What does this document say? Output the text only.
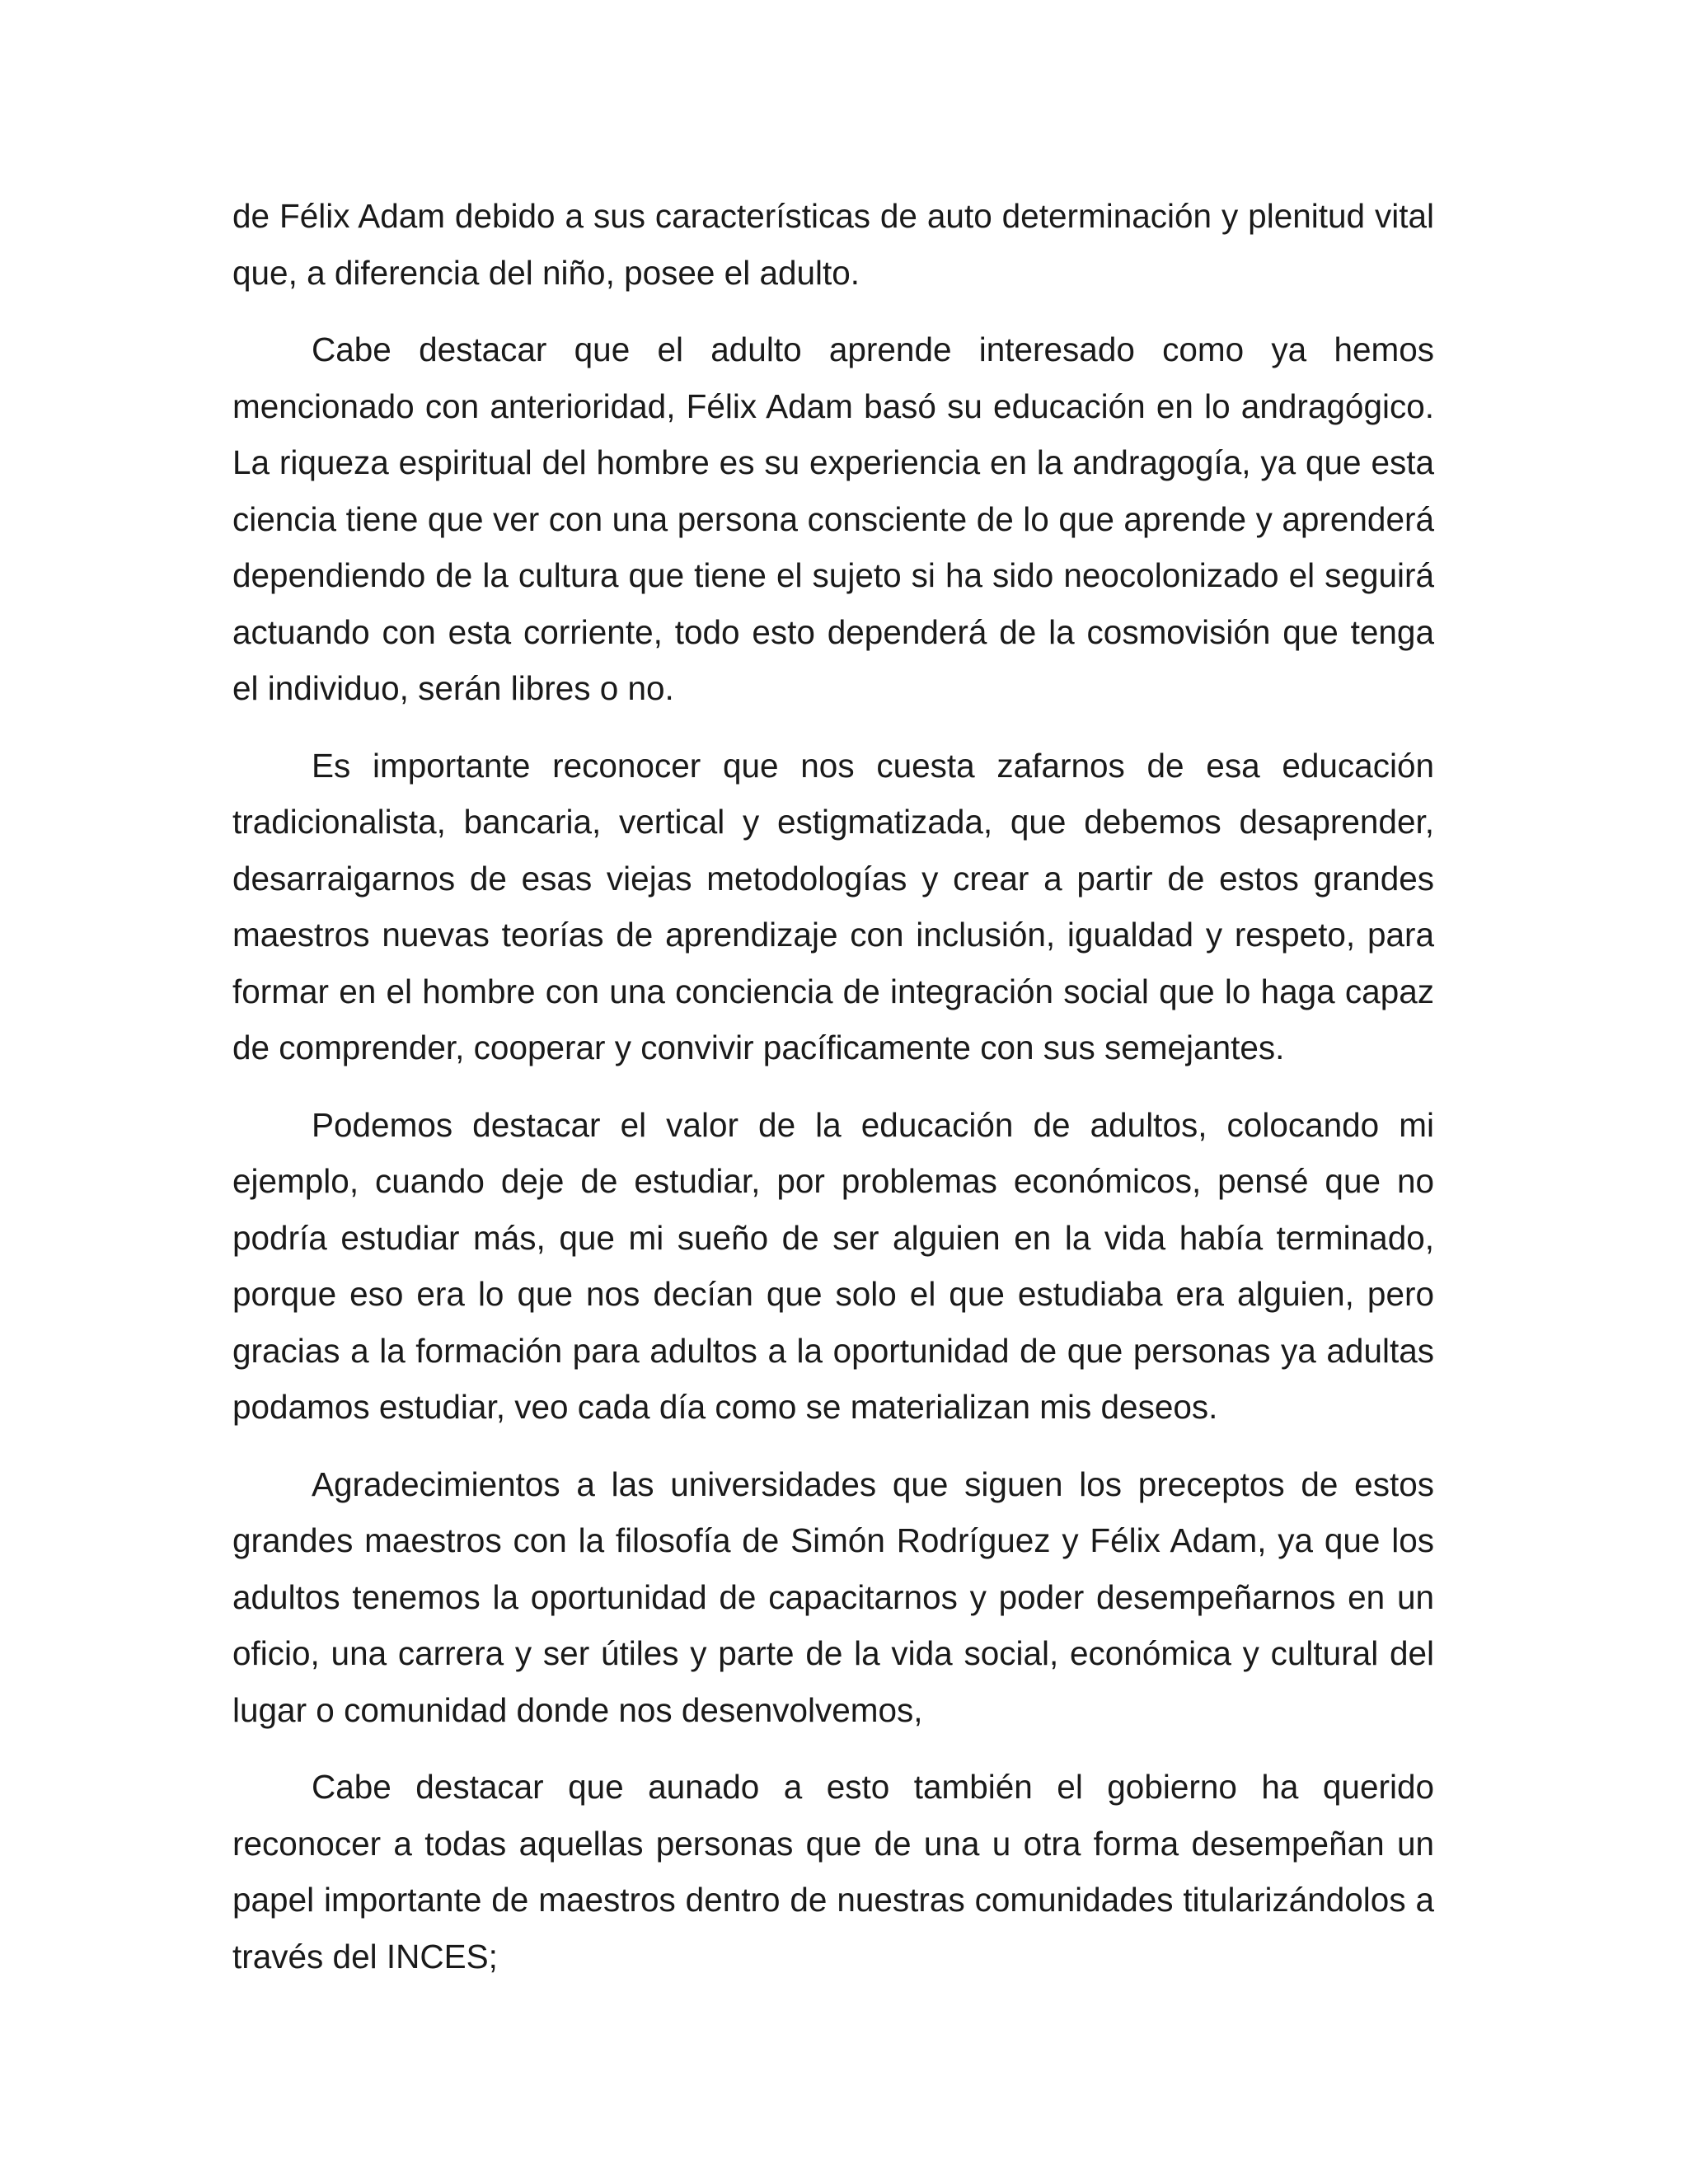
de Félix Adam debido a sus características de auto determinación y plenitud vital que, a diferencia del niño, posee el adulto.

Cabe destacar que el adulto aprende interesado como ya hemos mencionado con anterioridad, Félix Adam basó su educación en lo andragógico. La riqueza espiritual del hombre es su experiencia en la andragogía, ya que esta ciencia tiene que ver con una persona consciente de lo que aprende y aprenderá dependiendo de la cultura que tiene el sujeto si ha sido neocolonizado el seguirá actuando con esta corriente, todo esto dependerá de la cosmovisión que tenga el individuo, serán libres o no.

Es importante reconocer que nos cuesta zafarnos de esa educación tradicionalista, bancaria, vertical y estigmatizada, que debemos desaprender, desarraigarnos de esas viejas metodologías y crear a partir de estos grandes maestros nuevas teorías de aprendizaje con inclusión, igualdad y respeto, para formar en el hombre con una conciencia de integración social que lo haga capaz de comprender, cooperar y convivir pacíficamente con sus semejantes.

Podemos destacar el valor de la educación de adultos, colocando mi ejemplo, cuando deje de estudiar, por problemas económicos, pensé que no podría estudiar más, que mi sueño de ser alguien en la vida había terminado, porque eso era lo que nos decían que solo el que estudiaba era alguien, pero gracias a la formación para adultos a la oportunidad de que personas ya adultas podamos estudiar, veo cada día como se materializan mis deseos.

Agradecimientos a las universidades que siguen los preceptos de estos grandes maestros con la filosofía de Simón Rodríguez y Félix Adam, ya que los adultos tenemos la oportunidad de capacitarnos y poder desempeñarnos en un oficio, una carrera y ser útiles y parte de la vida social, económica y cultural del lugar o comunidad donde nos desenvolvemos,

Cabe destacar que aunado a esto también el gobierno ha querido reconocer a todas aquellas personas que de una u otra forma desempeñan un papel importante de maestros dentro de nuestras comunidades titularizándolos a través del INCES;
